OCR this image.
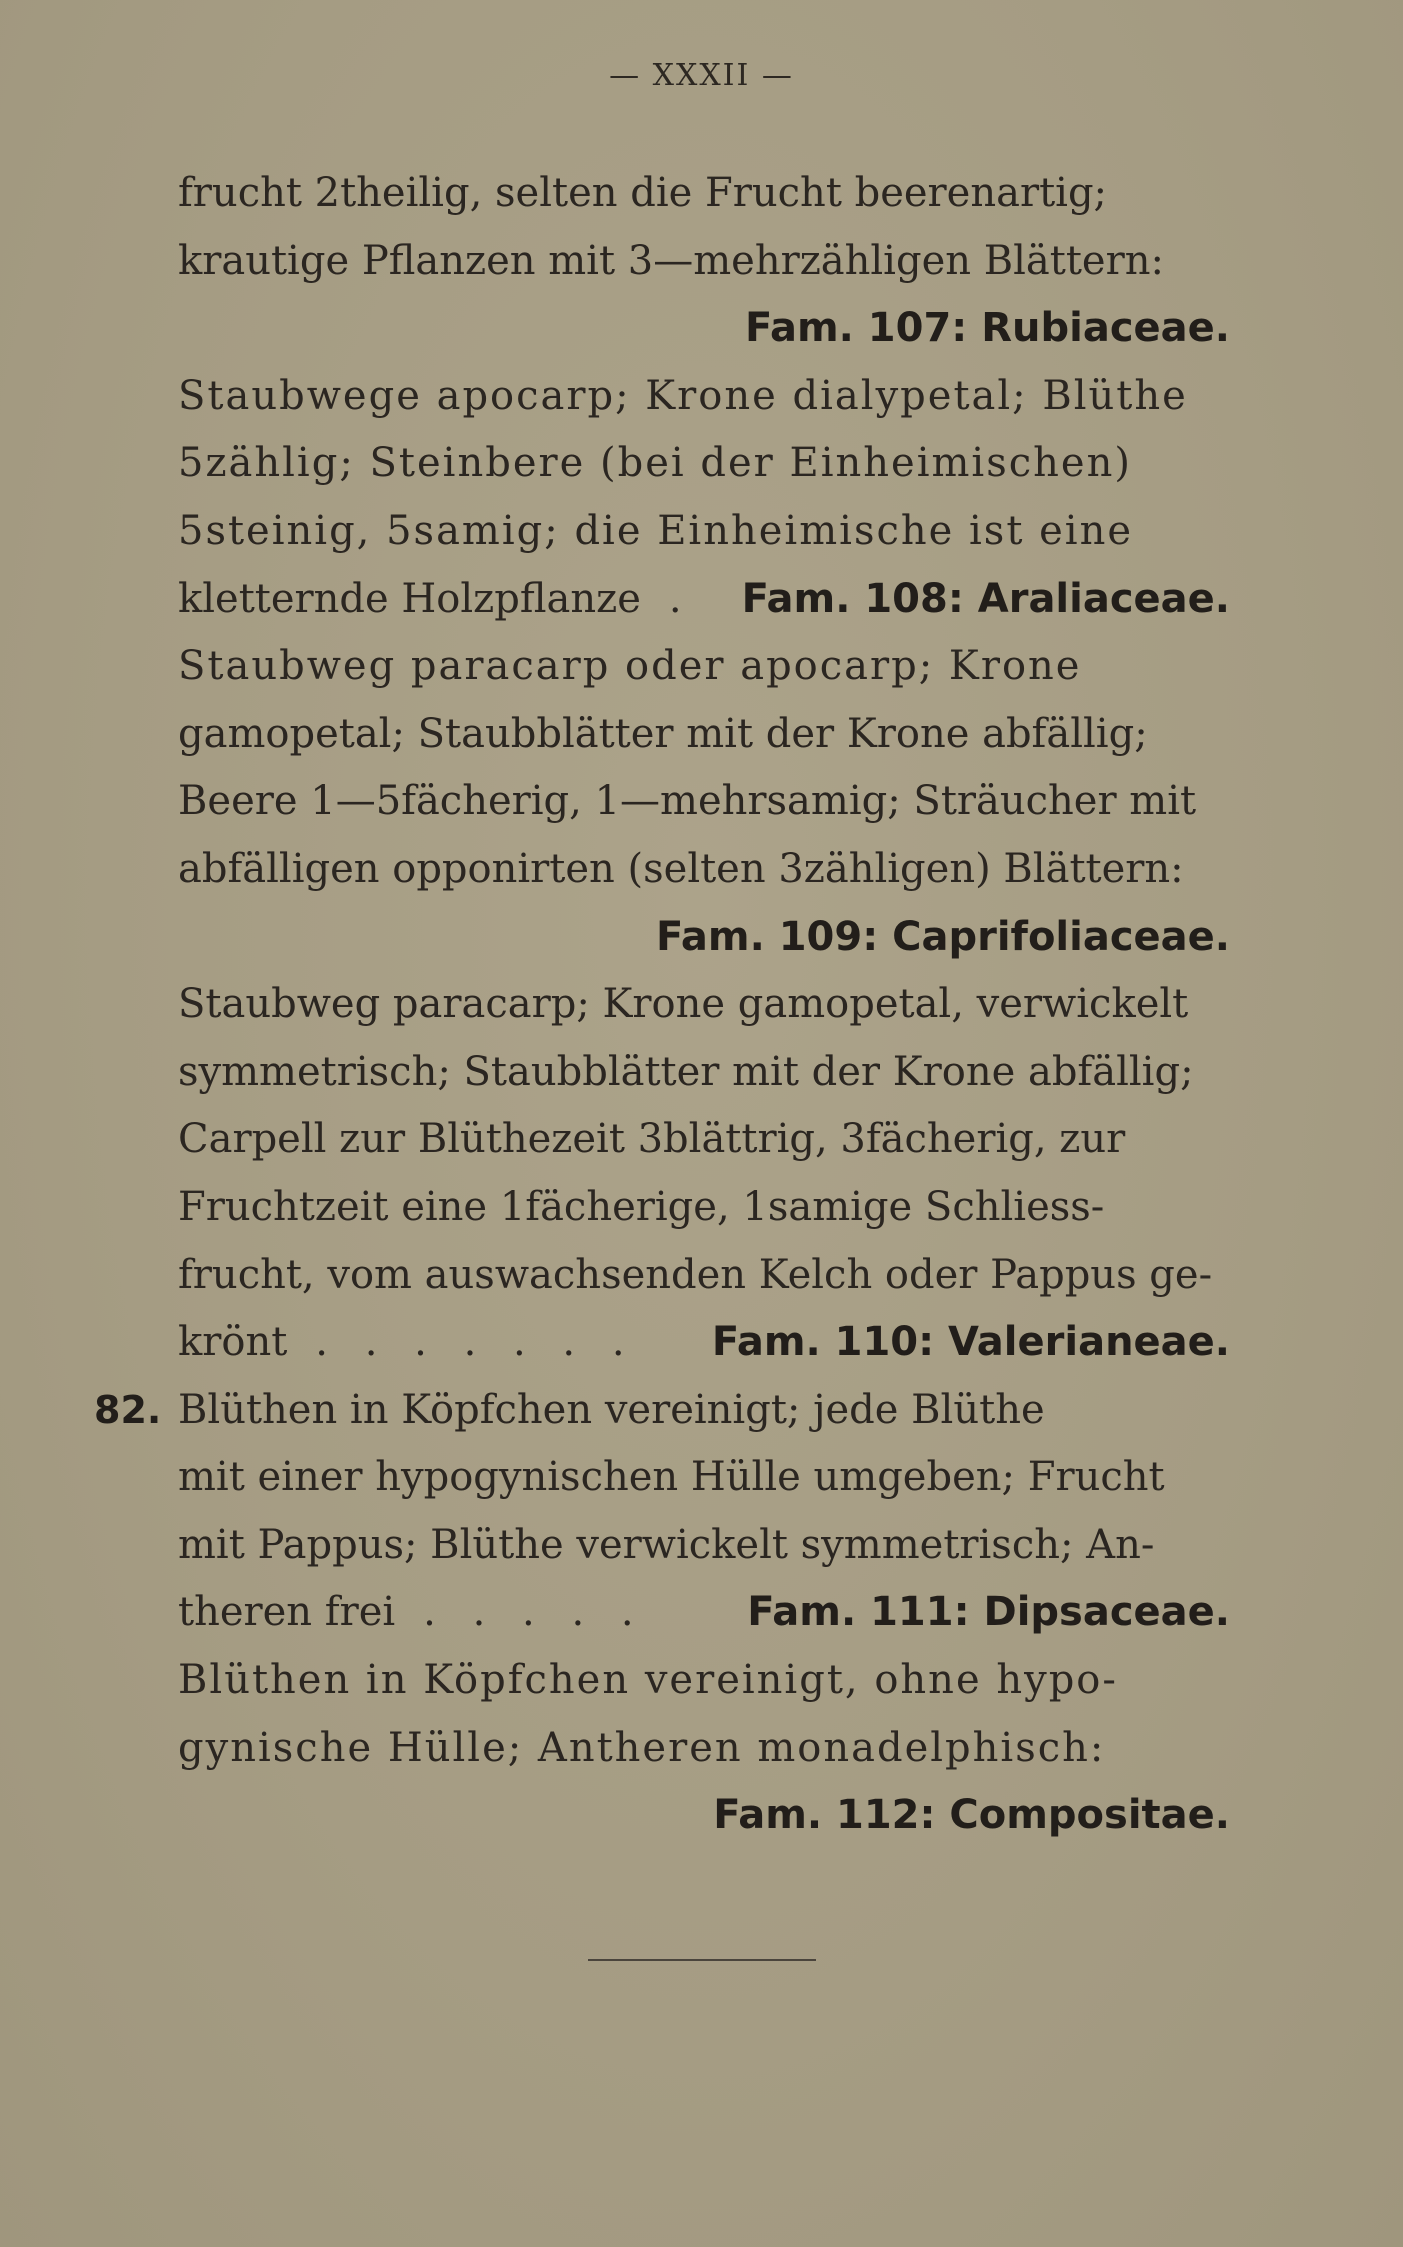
— XXXII —
frucht 2theilig, selten die Frucht beerenartig;
krautige Pflanzen mit 3—mehrzähligen Blättern:
Fam. 107: Rubiaceae.
Staubwege apocarp; Krone dialypetal; Blüthe
5zählig; Steinbere (bei der Einheimischen)
5steinig, 5samig; die Einheimische ist eine
kletternde Holzpflanze . Fam. 108: Araliaceae.
Staubweg paracarp oder apocarp; Krone
gamopetal; Staubblätter mit der Krone abfällig;
Beere 1—5fächerig, 1—mehrsamig; Sträucher mit
abfälligen opponirten (selten 3zähligen) Blättern:
Fam. 109: Caprifoliaceae.
Staubweg paracarp; Krone gamopetal, verwickelt
symmetrisch; Staubblätter mit der Krone abfällig;
Carpell zur Blüthezeit 3blättrig, 3fächerig, zur
Fruchtzeit eine 1fächerige, 1samige Schliess-
frucht, vom auswachsenden Kelch oder Pappus ge-
krönt . . . . . . . Fam. 110: Valerianeae.
82. Blüthen in Köpfchen vereinigt; jede Blüthe
mit einer hypogynischen Hülle umgeben; Frucht
mit Pappus; Blüthe verwickelt symmetrisch; An-
theren frei . . . . .	Fam. 111: Dipsaceae.
Blüthen in Köpfchen vereinigt, ohne hypo-
gynische Hülle; Antheren monadelphisch:
Fam. 112: Compositae.
